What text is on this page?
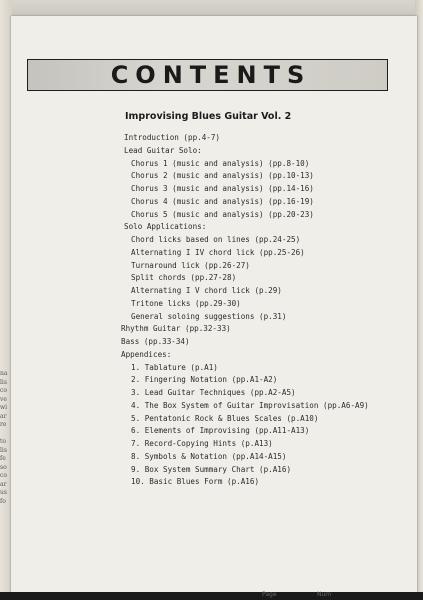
na
lis
co
ve
wi
ar
re

to
lis
fe
so
co
ar
us
fo
CONTENTS
Improvising Blues Guitar Vol. 2
Introduction (pp.4-7)
Lead Guitar Solo:
Chorus 1 (music and analysis) (pp.8-10)
Chorus 2 (music and analysis) (pp.10-13)
Chorus 3 (music and analysis) (pp.14-16)
Chorus 4 (music and analysis) (pp.16-19)
Chorus 5 (music and analysis) (pp.20-23)
Solo Applications:
Chord licks based on lines (pp.24-25)
Alternating I IV chord lick (pp.25-26)
Turnaround lick (pp.26-27)
Split chords (pp.27-28)
Alternating I V chord lick (p.29)
Tritone licks (pp.29-30)
General soloing suggestions (p.31)
Rhythm Guitar (pp.32-33)
Bass (pp.33-34)
Appendices:
1. Tablature (p.A1)
2. Fingering Notation (pp.A1-A2)
3. Lead Guitar Techniques (pp.A2-A5)
4. The Box System of Guitar Improvisation (pp.A6-A9)
5. Pentatonic Rock & Blues Scales (p.A10)
6. Elements of Improvising (pp.A11-A13)
7. Record-Copying Hints (p.A13)
8. Symbols & Notation (pp.A14-A15)
9. Box System Summary Chart (p.A16)
10. Basic Blues Form (p.A16)
Page	Num
